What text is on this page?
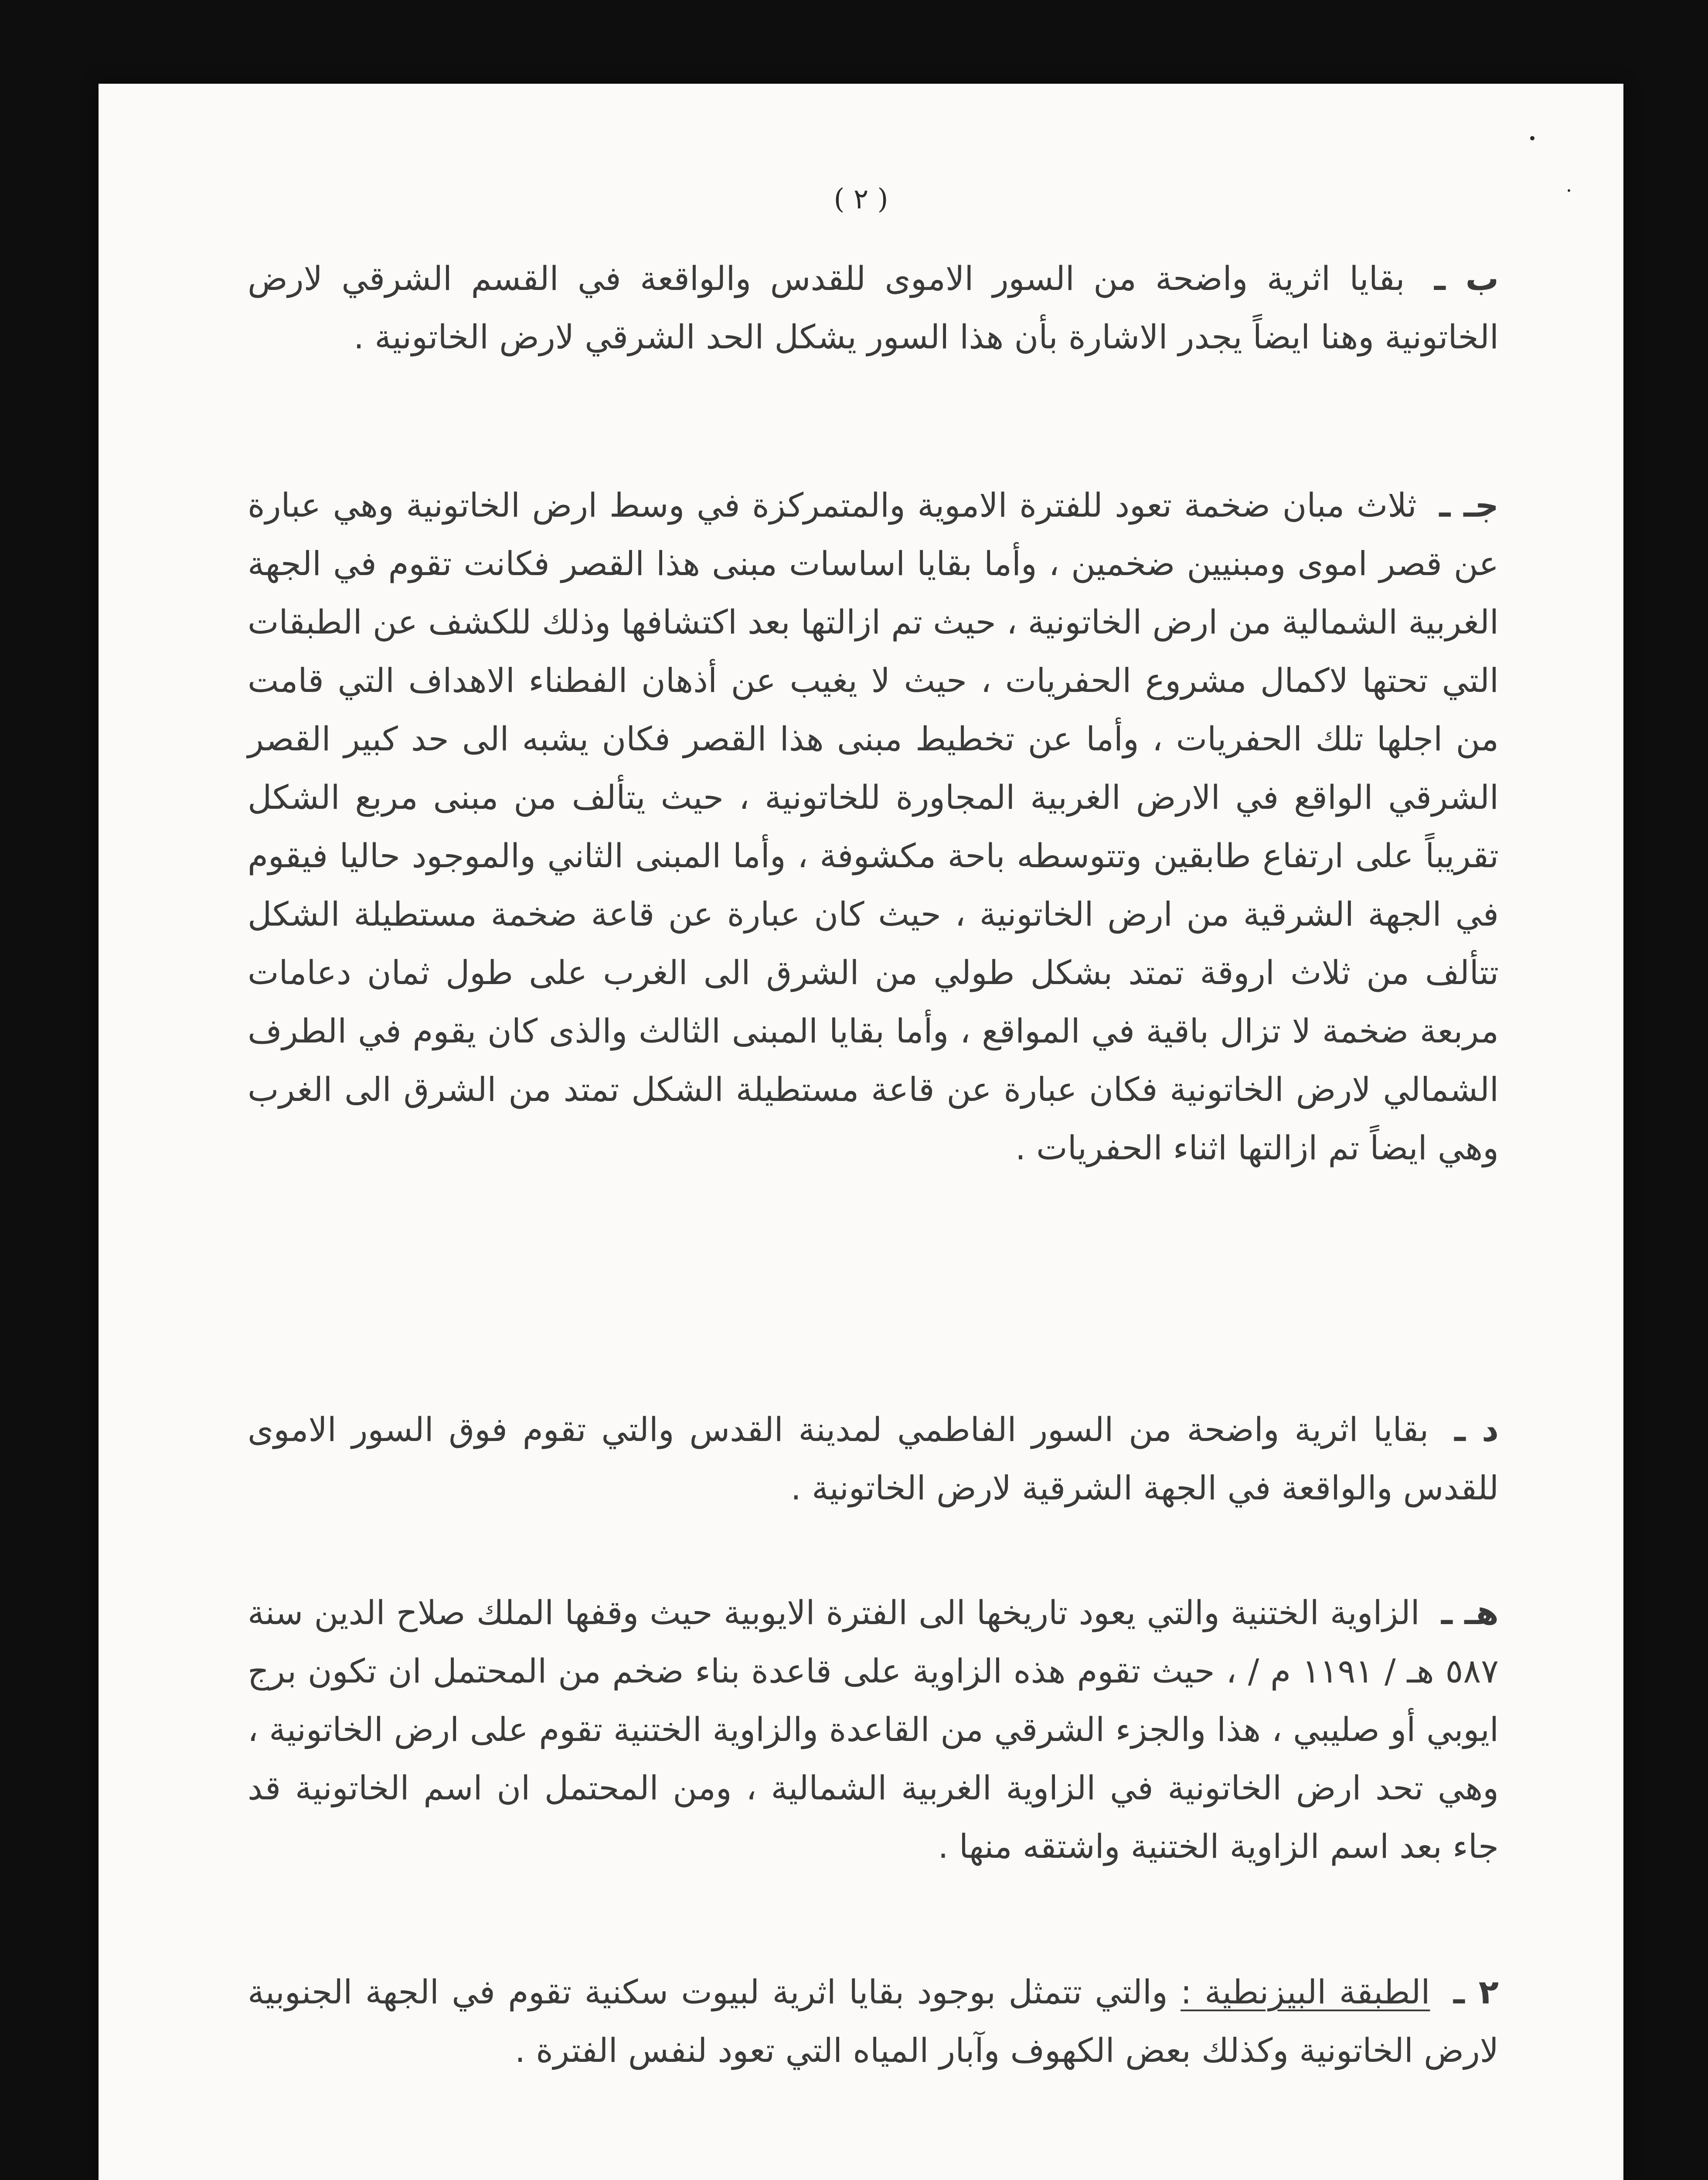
( ٢ )

ب ـ بقايا اثرية واضحة من السور الاموى للقدس والواقعة في القسم الشرقي لارض الخاتونية وهنا ايضاً يجدر الاشارة بأن هذا السور يشكل الحد الشرقي لارض الخاتونية .

جـ ـ ثلاث مبان ضخمة تعود للفترة الاموية والمتمركزة في وسط ارض الخاتونية وهي عبارة عن قصر اموى ومبنيين ضخمين ، وأما بقايا اساسات مبنى هذا القصر فكانت تقوم في الجهة الغربية الشمالية من ارض الخاتونية ، حيث تم ازالتها بعد اكتشافها وذلك للكشف عن الطبقات التي تحتها لاكمال مشروع الحفريات ، حيث لا يغيب عن أذهان الفطناء الاهداف التي قامت من اجلها تلك الحفريات ، وأما عن تخطيط مبنى هذا القصر فكان يشبه الى حد كبير القصر الشرقي الواقع في الارض الغربية المجاورة للخاتونية ، حيث يتألف من مبنى مربع الشكل تقريباً على ارتفاع طابقين وتتوسطه باحة مكشوفة ، وأما المبنى الثاني والموجود حاليا فيقوم في الجهة الشرقية من ارض الخاتونية ، حيث كان عبارة عن قاعة ضخمة مستطيلة الشكل تتألف من ثلاث اروقة تمتد بشكل طولي من الشرق الى الغرب على طول ثمان دعامات مربعة ضخمة لا تزال باقية في المواقع ، وأما بقايا المبنى الثالث والذى كان يقوم في الطرف الشمالي لارض الخاتونية فكان عبارة عن قاعة مستطيلة الشكل تمتد من الشرق الى الغرب وهي ايضاً تم ازالتها اثناء الحفريات .

د ـ بقايا اثرية واضحة من السور الفاطمي لمدينة القدس والتي تقوم فوق السور الاموى للقدس والواقعة في الجهة الشرقية لارض الخاتونية .

هـ ـ الزاوية الختنية والتي يعود تاريخها الى الفترة الايوبية حيث وقفها الملك صلاح الدين سنة ٥٨٧ هـ / ١١٩١ م / ، حيث تقوم هذه الزاوية على قاعدة بناء ضخم من المحتمل ان تكون برج ايوبي أو صليبي ، هذا والجزء الشرقي من القاعدة والزاوية الختنية تقوم على ارض الخاتونية ، وهي تحد ارض الخاتونية في الزاوية الغربية الشمالية ، ومن المحتمل ان اسم الخاتونية قد جاء بعد اسم الزاوية الختنية واشتقه منها .

٢ ـ الطبقة البيزنطية : والتي تتمثل بوجود بقايا اثرية لبيوت سكنية تقوم في الجهة الجنوبية لارض الخاتونية وكذلك بعض الكهوف وآبار المياه التي تعود لنفس الفترة .
